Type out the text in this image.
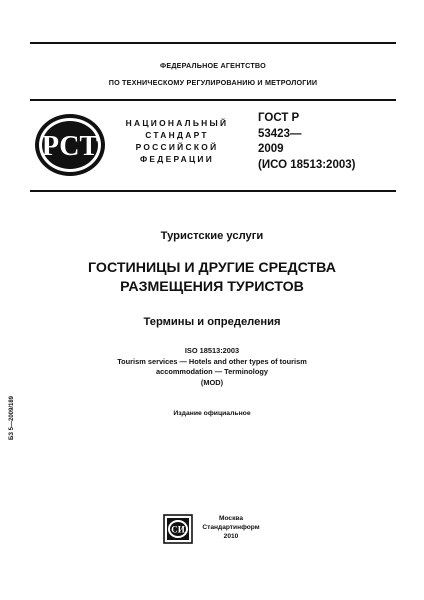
ФЕДЕРАЛЬНОЕ АГЕНТСТВО
ПО ТЕХНИЧЕСКОМУ РЕГУЛИРОВАНИЮ И МЕТРОЛОГИИ
РСТ
НАЦИОНАЛЬНЫЙ
СТАНДАРТ
РОССИЙСКОЙ
ФЕДЕРАЦИИ
ГОСТ Р
53423—
2009
(ИСО 18513:2003)
Туристские услуги
ГОСТИНИЦЫ И ДРУГИЕ СРЕДСТВА
РАЗМЕЩЕНИЯ ТУРИСТОВ
Термины и определения
ISO 18513:2003
Tourism services — Hotels and other types of tourism
accommodation — Terminology
(MOD)
Издание официальное
БЗ 5—2009/189
СИ
Москва
Стандартинформ
2010
